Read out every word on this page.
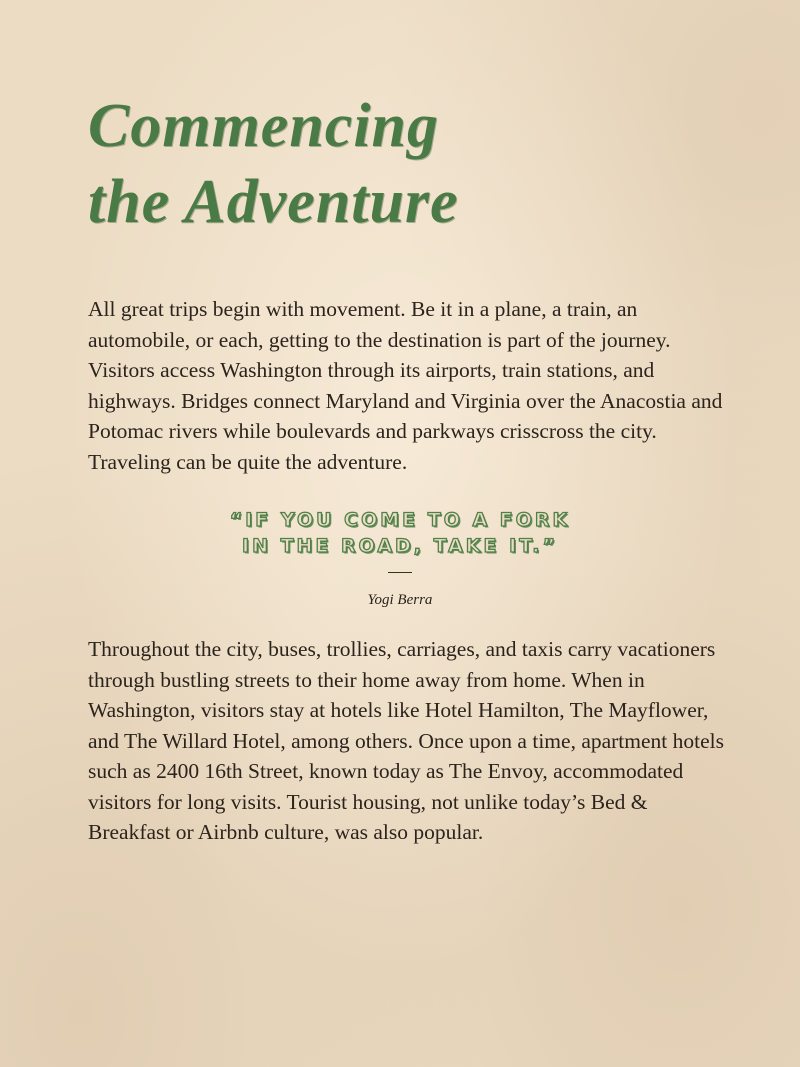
Commencing
the Adventure

All great trips begin with movement. Be it in a plane, a train, an automobile, or each, getting to the destination is part of the journey. Visitors access Washington through its airports, train stations, and highways. Bridges connect Maryland and Virginia over the Anacostia and Potomac rivers while boulevards and parkways crisscross the city. Traveling can be quite the adventure.

“IF YOU COME TO A FORK
IN THE ROAD, TAKE IT.”

Yogi Berra

Throughout the city, buses, trollies, carriages, and taxis carry vacationers through bustling streets to their home away from home. When in Washington, visitors stay at hotels like Hotel Hamilton, The Mayflower, and The Willard Hotel, among others. Once upon a time, apartment hotels such as 2400 16th Street, known today as The Envoy, accommodated visitors for long visits. Tourist housing, not unlike today’s Bed & Breakfast or Airbnb culture, was also popular.
